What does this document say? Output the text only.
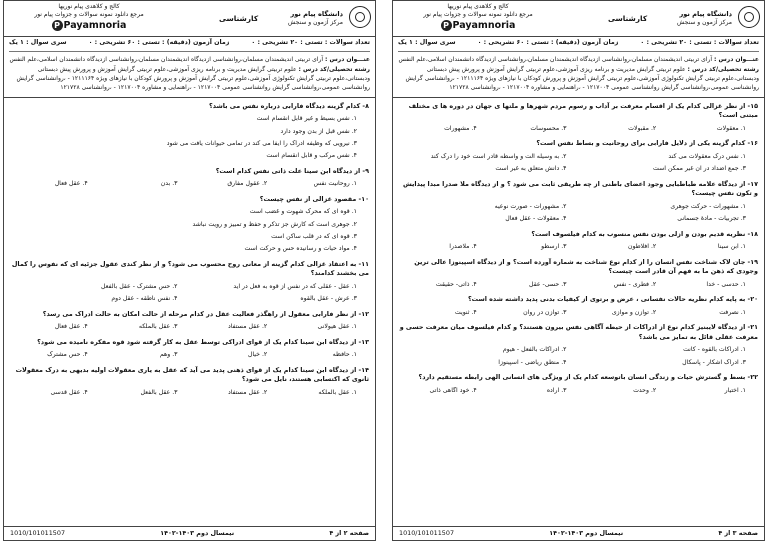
دانشگاه پیام نور
مرکز آزمون و سنجش
کارشناسی
کالج و کلاهدی پیام نوریها
مرجع دانلود نمونه سوالات و جزوات پیام نور
P Payamnoria
تعداد سوالات : تستی : ۲۰ تشریحی : ۰
زمان آزمون (دقیقه) : تستی : ۶۰ تشریحی : ۰
سری سوال : ۱ یک
عنـــوان درس : آرای تربیتی اندیشمندان مسلمان،روانشناسی ازدیدگاه اندیشمندان مسلمان،روانشناسی ازدیدگاه دانشمندان اسلامی،علم النفس
رشته تحصیلی/کد درس : علوم تربیتی گرایش مدیریت و برنامه ریزی آموزشی،علوم تربیتی گرایش آموزش و پرورش پیش دبستانی ودبستانی،علوم تربیتی گرایش تکنولوژی آموزشی،علوم تربیتی گرایش آموزش و پرورش کودکان با نیازهای ویژه ۱۲۱۱۱۶۴ - ،روانشناسی گرایش روانشناسی عمومی،روانشناسی گرایش روانشناسی عمومی ۱۲۱۷۰۰۴ - ،راهنمایی و مشاوره ۱۲۱۷۰۰۴ - ،روانشناسی ۱۲۱۷۲۸
۸- کدام گزینه دیدگاه فارابی درباره نفس می باشد؟
۱. نفس بسیط و غیر قابل انقسام است
۲. نفس قبل از بدن وجود دارد
۳. نیرویی که وظیفه ادراک را ایفا می کند در تمامی حیوانات یافت می شود
۴. نفس مرکب و قابل انقسام است
۹- از دیدگاه ابن سینا علت ذاتی نفس کدام است؟
۱. روحانیت نفس
۲. عقول مفارق
۳. بدن
۴. عقل فعال
۱۰- مقصود غزالی از نفس چیست؟
۱. قوه ای که محرک شهوت و غضب است
۲. جوهری است که کارش جز تذکر و حفظ و تمییز و رویت نباشد
۳. قوه ای که در قلب ساکن است
۴. مواد حیات و رسانیده حس و حرکت است
۱۱- به اعتقاد غزالی کدام گزینه از معانی روح محسوب می شود؟ و از نظر کندی عقول جزئیه ای که نفوس را کمال می بخشند کدامند؟
۱. عقل - عقلی که در نفس از قوه به فعل در آید
۲. حس مشترک - عقل بالفعل
۳. عرش - عقل بالقوه
۴. نفس ناطقه - عقل دوم
۱۲- از نظر فارابی معقول از راهگذر فعالیت عقل در کدام مرحله از حالت امکان به حالت ادراک می رسد؟
۱. عقل هیولانی
۲. عقل مستفاد
۳. عقل بالملکه
۴. عقل فعال
۱۳- از دیدگاه ابن سینا کدام یک از قوای ادراکی توسط عقل به کار گرفته شود قوه مفکره نامیده می شود؟
۱. حافظه
۲. خیال
۳. وهم
۴. حس مشترک
۱۴- از دیدگاه ابن سینا کدام یک از قوای ذهنی پدید می آید که عقل به یاری معقولات اولیه بدیهی به درک معقولات ثانوی که اکتسابی هستند، نایل می شود؟
۱. عقل بالملکه
۲. عقل مستفاد
۳. عقل بالفعل
۴. عقل قدسی
صفحه ۲ از ۴
نیمسال دوم ۱۴۰۳-۱۴۰۲
1010/101011507
دانشگاه پیام نور
مرکز آزمون و سنجش
کارشناسی
کالج و کلاهدی پیام نوریها
مرجع دانلود نمونه سوالات و جزوات پیام نور
P Payamnoria
تعداد سوالات : تستی : ۲۰ تشریحی : ۰
زمان آزمون (دقیقه) : تستی : ۶۰ تشریحی : ۰
سری سوال : ۱ یک
عنـــوان درس : آرای تربیتی اندیشمندان مسلمان،روانشناسی ازدیدگاه اندیشمندان مسلمان،روانشناسی ازدیدگاه دانشمندان اسلامی،علم النفس
رشته تحصیلی/کد درس : علوم تربیتی گرایش مدیریت و برنامه ریزی آموزشی،علوم تربیتی گرایش آموزش و پرورش پیش دبستانی ودبستانی،علوم تربیتی گرایش تکنولوژی آموزشی،علوم تربیتی گرایش آموزش و پرورش کودکان با نیازهای ویژه ۱۲۱۱۱۶۴ - ،روانشناسی گرایش روانشناسی عمومی،روانشناسی گرایش روانشناسی عمومی ۱۲۱۷۰۰۴ - ،راهنمایی و مشاوره ۱۲۱۷۰۰۴ - ،روانشناسی ۱۲۱۷۲۸
۱۵- از نظر غزالی کدام یک از اقسام معرفت بر آداب و رسوم مردم شهرها و ملتها ی جهان در دوره ها ی مختلف مبتنی است؟
۱. معقولات
۲. مقبولات
۳. محسوسات
۴. مشهورات
۱۶- کدام گزینه یکی از دلایل فارابی برای روحانیت و بساط نفس است؟
۱. نفس درک معقولات می کند
۲. به وسیله آلت و واسطه قادر است خود را درک کند
۳. جمع اضداد در آن غیر ممکن است
۴. دانش متعلق به غیر است
۱۷- از دیدگاه علامه طباطبایی وجود اعضای باطنی از چه طریقی ثابت می شود ؟ و از دیدگاه ملا صدرا مبدا پیدایش و تکون نفس چیست؟
۱. مشهورات - حرکت جوهری
۲. مشهورات - صورت نوعیه
۳. تجربیات - مادۀ جسمانی
۴. معقولات - عقل فعال
۱۸- نظریه قدیم بودن و ازلی بودن نفس منسوب به کدام فیلسوف است؟
۱. ابن سینا
۲. افلاطون
۳. ارسطو
۴. ملاصدرا
۱۹- جان لاک شناخت نفس انسان را از کدام نوع شناخت به شماره آورده است؟ و از دیدگاه اسپینوزا عالی ترین وجودی که ذهن ما به فهم آن قادر است چیست؟
۱. حدسی - خدا
۲. فطری - نفس
۳. حسی- عقل
۴. ذاتی- حقیقت
۲۰- به پایه کدام نظریه حالات نفسانی ، عرض و برتوی از کیفیات بدنی پدید داشته شده است؟
۱. نصرفت
۲. توازن و موازی
۳. توازن در روان
۴. ثنویت
۲۱- از دیدگاه لایبنیز کدام نوع از ادراکات از حیطه آگاهی نفس بیرون هستند؟ و کدام فیلسوف میان معرفت حسی و معرفت عقلی قائل به تمایز می باشد؟
۱. ادراکات بالقوه - کانت
۲. ادراکات بالفعل - هیوم
۳. ادراک آشکار - پاسکال
۴. منطق ریاضی - اسپینوزا
۲۲- بسط و گسترش حیات و زندگی انسان باتوسعه کدام یک از ویژگی های انسانی الهی رابطه مستقیم دارد؟
۱. اختیار
۲. وحدت
۳. اراده
۴. خود آگاهی ذاتی
صفحه ۳ از ۴
نیمسال دوم ۱۴۰۳-۱۴۰۲
1010/101011507
